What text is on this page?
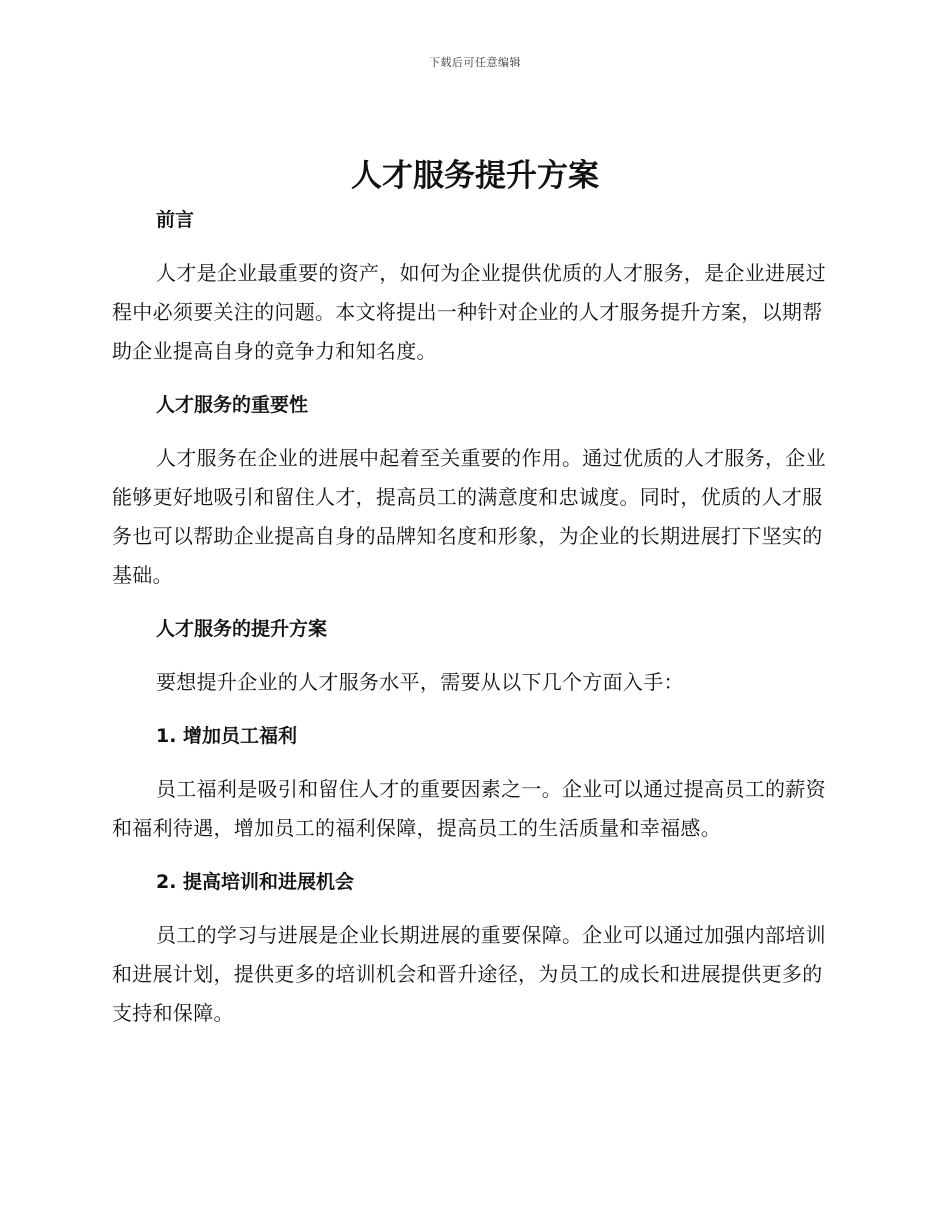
下载后可任意编辑
人才服务提升方案
前言

人才是企业最重要的资产，如何为企业提供优质的人才服务，是企业进展过程中必须要关注的问题。本文将提出一种针对企业的人才服务提升方案，以期帮助企业提高自身的竞争力和知名度。

人才服务的重要性

人才服务在企业的进展中起着至关重要的作用。通过优质的人才服务，企业能够更好地吸引和留住人才，提高员工的满意度和忠诚度。同时，优质的人才服务也可以帮助企业提高自身的品牌知名度和形象，为企业的长期进展打下坚实的基础。

人才服务的提升方案

要想提升企业的人才服务水平，需要从以下几个方面入手：

1. 增加员工福利

员工福利是吸引和留住人才的重要因素之一。企业可以通过提高员工的薪资和福利待遇，增加员工的福利保障，提高员工的生活质量和幸福感。

2. 提高培训和进展机会

员工的学习与进展是企业长期进展的重要保障。企业可以通过加强内部培训和进展计划，提供更多的培训机会和晋升途径，为员工的成长和进展提供更多的支持和保障。
